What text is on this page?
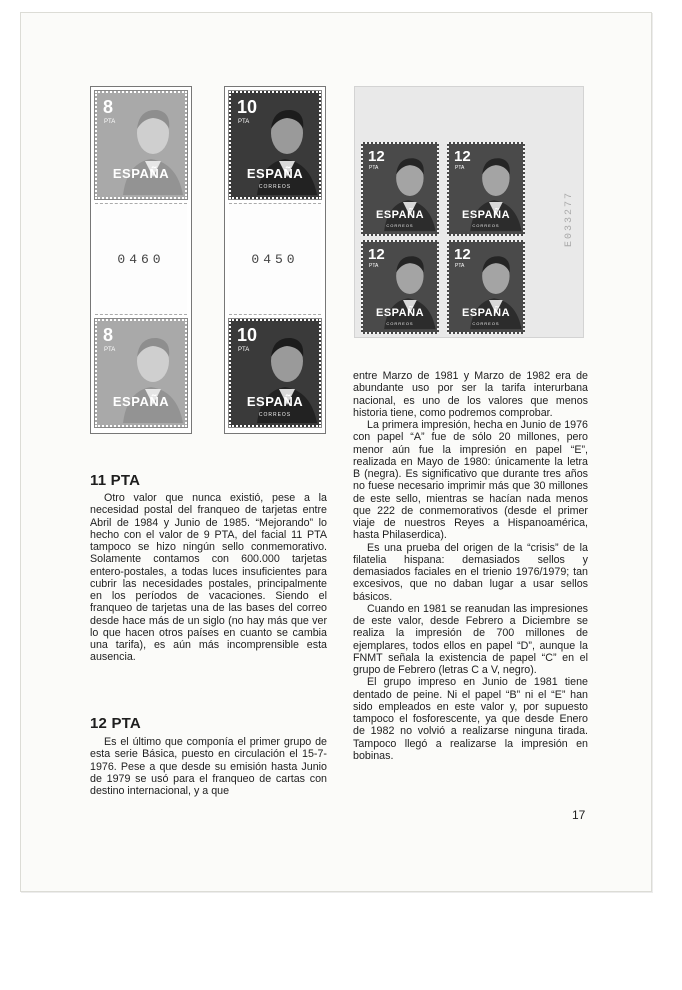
8
PTA
ESPAÑA
0460
8
PTA
ESPAÑA
10
PTA
ESPAÑA
CORREOS
0450
10
PTA
ESPAÑA
CORREOS
E033277
12
PTA
ESPAÑA
CORREOS
12
PTA
ESPAÑA
CORREOS
12
PTA
ESPAÑA
CORREOS
12
PTA
ESPAÑA
CORREOS
11 PTA

Otro valor que nunca existió, pese a la necesidad postal del franqueo de tarjetas entre Abril de 1984 y Junio de 1985. “Mejorando” lo hecho con el valor de 9 PTA, del facial 11 PTA tampoco se hizo ningún sello conmemorativo. Solamente contamos con 600.000 tarjetas entero-postales, a todas luces insuficientes para cubrir las necesidades postales, principalmente en los períodos de vacaciones. Siendo el franqueo de tarjetas una de las bases del correo desde hace más de un siglo (no hay más que ver lo que hacen otros países en cuanto se cambia una tarifa), es aún más incomprensible esta ausencia.

12 PTA

Es el último que componía el primer grupo de esta serie Básica, puesto en circulación el 15-7-1976. Pese a que desde su emisión hasta Junio de 1979 se usó para el franqueo de cartas con destino internacional, y a que

entre Marzo de 1981 y Marzo de 1982 era de abundante uso por ser la tarifa interurbana nacional, es uno de los valores que menos historia tiene, como podremos comprobar.

La primera impresión, hecha en Junio de 1976 con papel “A” fue de sólo 20 millones, pero menor aún fue la impresión en papel “E”, realizada en Mayo de 1980: únicamente la letra B (negra). Es significativo que durante tres años no fuese necesario imprimir más que 30 millones de este sello, mientras se hacían nada menos que 222 de conmemorativos (desde el primer viaje de nuestros Reyes a Hispanoamérica, hasta Philaserdica).

Es una prueba del origen de la “crisis” de la filatelia hispana: demasiados sellos y demasiados faciales en el trienio 1976/1979; tan excesivos, que no daban lugar a usar sellos básicos.

Cuando en 1981 se reanudan las impresiones de este valor, desde Febrero a Diciembre se realiza la impresión de 700 millones de ejemplares, todos ellos en papel “D”, aunque la FNMT señala la existencia de papel “C” en el grupo de Febrero (letras C a V, negro).

El grupo impreso en Junio de 1981 tiene dentado de peine. Ni el papel “B” ni el “E” han sido empleados en este valor y, por supuesto tampoco el fosforescente, ya que desde Enero de 1982 no volvió a realizarse ninguna tirada. Tampoco llegó a realizarse la impresión en bobinas.

17
